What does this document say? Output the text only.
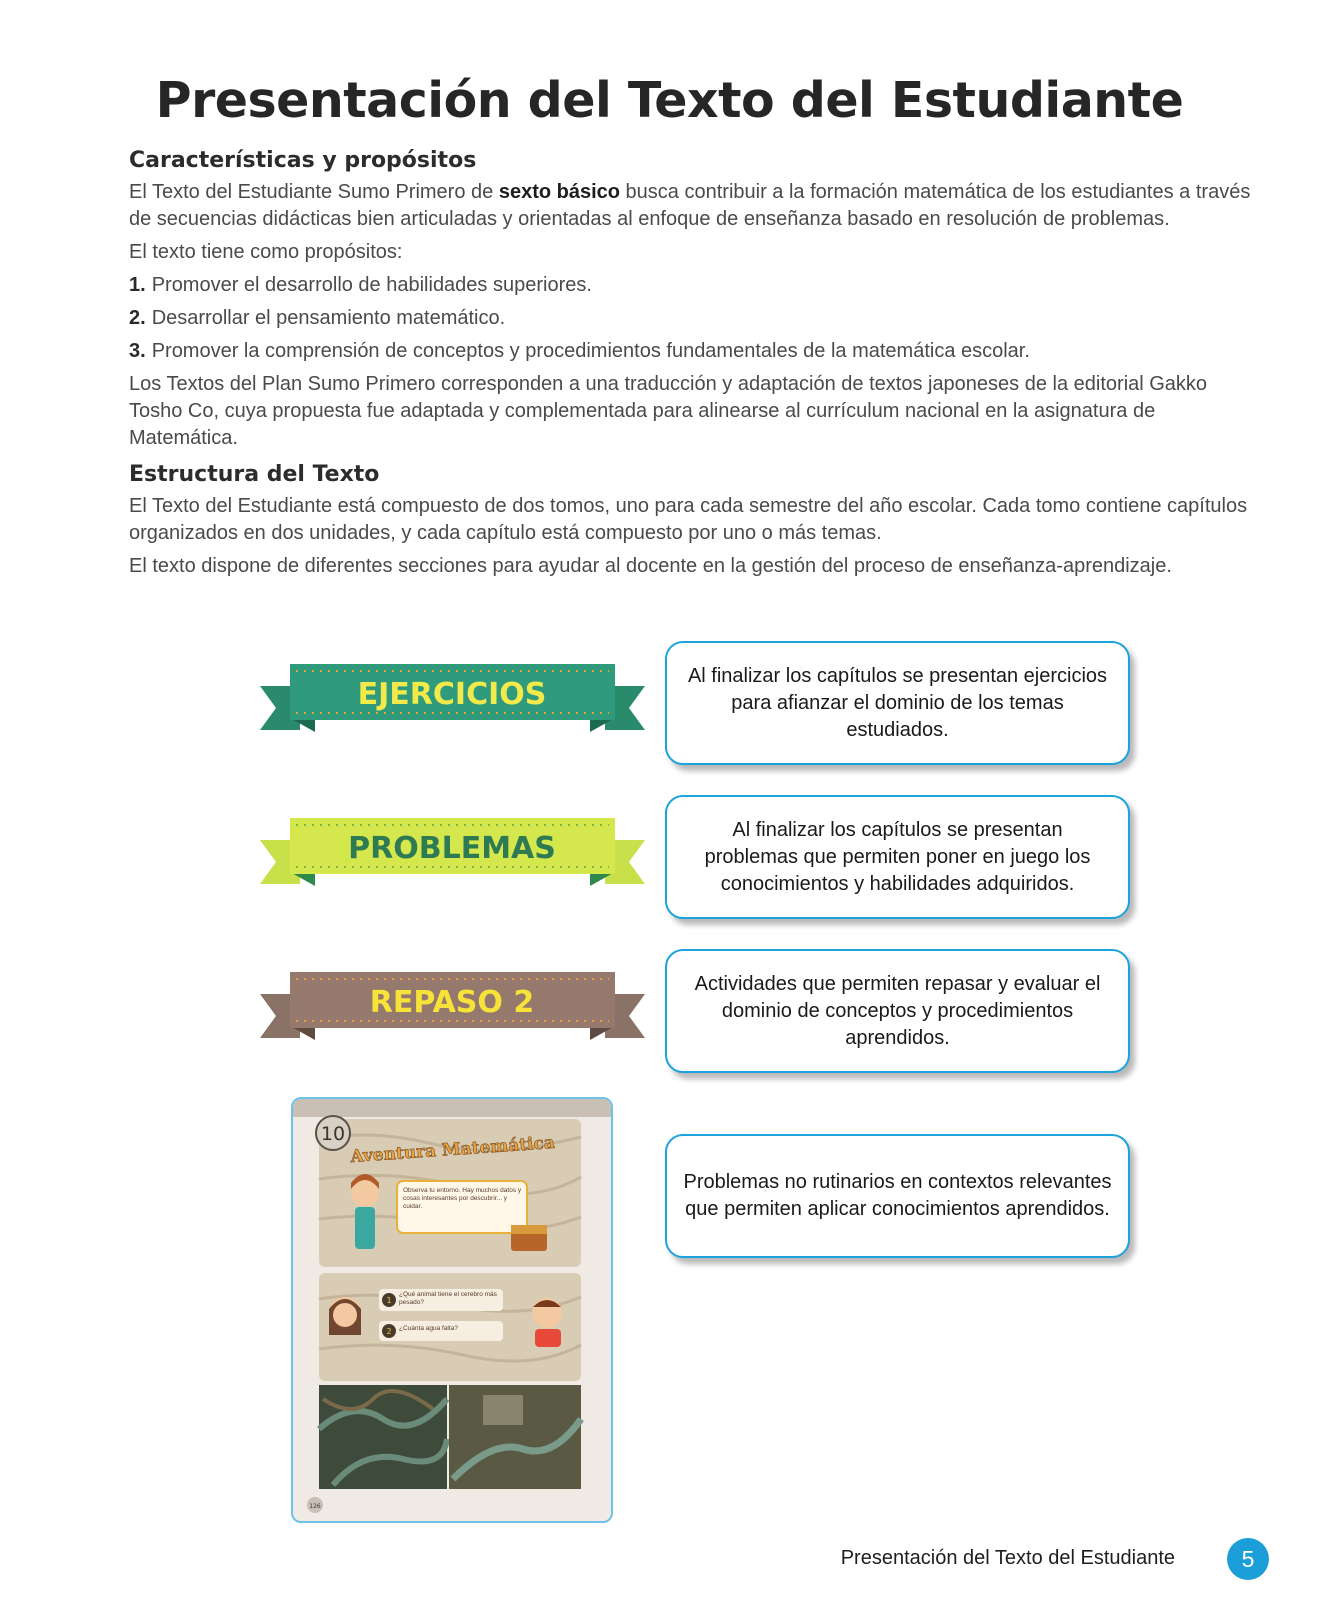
Presentación del Texto del Estudiante
Características y propósitos

El Texto del Estudiante Sumo Primero de sexto básico busca contribuir a la formación matemática de los estudiantes a través de secuencias didácticas bien articuladas y orientadas al enfoque de enseñanza basado en resolución de problemas.

El texto tiene como propósitos:

1. Promover el desarrollo de habilidades superiores.

2. Desarrollar el pensamiento matemático.

3. Promover la comprensión de conceptos y procedimientos fundamentales de la matemática escolar.

Los Textos del Plan Sumo Primero corresponden a una traducción y adaptación de textos japoneses de la editorial Gakko Tosho Co, cuya propuesta fue adaptada y complementada para alinearse al currículum nacional en la asignatura de Matemática.

Estructura del Texto

El Texto del Estudiante está compuesto de dos tomos, uno para cada semestre del año escolar. Cada tomo contiene capítulos organizados en dos unidades, y cada capítulo está compuesto por uno o más temas.

El texto dispone de diferentes secciones para ayudar al docente en la gestión del proceso de enseñanza-aprendizaje.

EJERCICIOS
PROBLEMAS
REPASO 2
Al finalizar los capítulos se presentan ejercicios para afianzar el dominio de los temas estudiados.
Al finalizar los capítulos se presentan problemas que permiten poner en juego los conocimientos y habilidades adquiridos.
Actividades que permiten repasar y evaluar el dominio de conceptos y procedimientos aprendidos.
Problemas no rutinarios en contextos relevantes que permiten aplicar conocimientos aprendidos.
10 Aventura Matemática
Observa tu entorno. Hay muchos datos y cosas interesantes por descubrir... y cuidar.
1
2
¿Qué animal tiene el cerebro más pesado?
¿Cuánta agua falta?
126
Presentación del Texto del Estudiante	5
